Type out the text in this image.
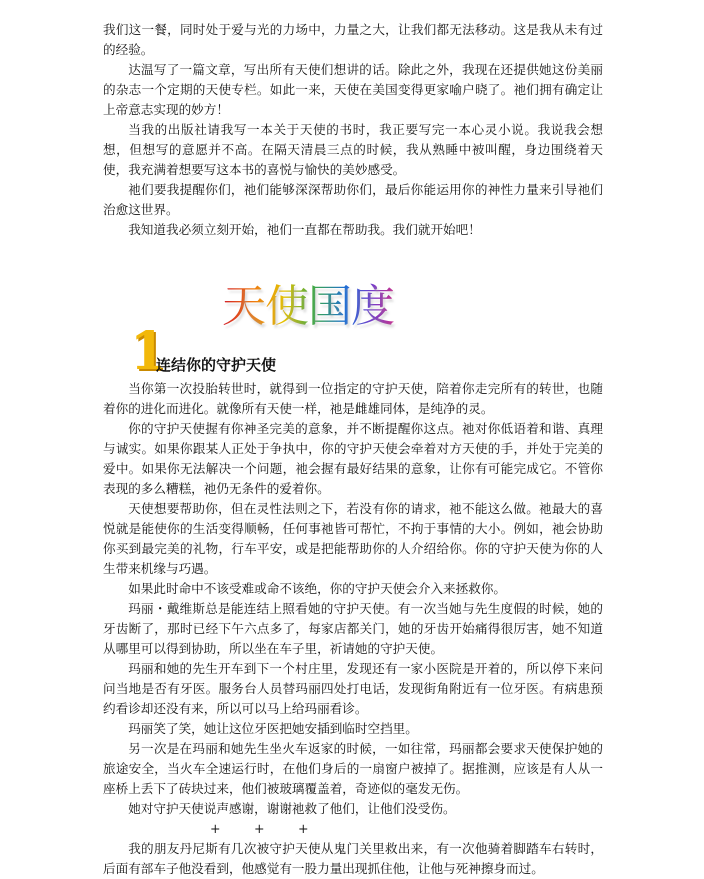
我们这一餐，同时处于爱与光的力场中，力量之大，让我们都无法移动。这是我从未有过的经验。

达温写了一篇文章，写出所有天使们想讲的话。除此之外，我现在还提供她这份美丽的杂志一个定期的天使专栏。如此一来，天使在美国变得更家喻户晓了。祂们拥有确定让上帝意志实现的妙方！

当我的出版社请我写一本关于天使的书时，我正要写完一本心灵小说。我说我会想想，但想写的意愿并不高。在隔天清晨三点的时候，我从熟睡中被叫醒，身边围绕着天使，我充满着想要写这本书的喜悦与愉快的美妙感受。

祂们要我提醒你们，祂们能够深深帮助你们，最后你能运用你的神性力量来引导祂们治愈这世界。

我知道我必须立刻开始，祂们一直都在帮助我。我们就开始吧！

天使国度
1
连结你的守护天使

当你第一次投胎转世时，就得到一位指定的守护天使，陪着你走完所有的转世，也随着你的进化而进化。就像所有天使一样，祂是雌雄同体，是纯净的灵。

你的守护天使握有你神圣完美的意象，并不断提醒你这点。祂对你低语着和谐、真理与诚实。如果你跟某人正处于争执中，你的守护天使会牵着对方天使的手，并处于完美的爱中。如果你无法解决一个问题，祂会握有最好结果的意象，让你有可能完成它。不管你表现的多么糟糕，祂仍无条件的爱着你。

天使想要帮助你，但在灵性法则之下，若没有你的请求，祂不能这么做。祂最大的喜悦就是能使你的生活变得顺畅，任何事祂皆可帮忙，不拘于事情的大小。例如，祂会协助你买到最完美的礼物，行车平安，或是把能帮助你的人介绍给你。你的守护天使为你的人生带来机缘与巧遇。

如果此时命中不该受难或命不该绝，你的守护天使会介入来拯救你。

玛丽・戴维斯总是能连结上照看她的守护天使。有一次当她与先生度假的时候，她的牙齿断了，那时已经下午六点多了，每家店都关门，她的牙齿开始痛得很厉害，她不知道从哪里可以得到协助，所以坐在车子里，祈请她的守护天使。

玛丽和她的先生开车到下一个村庄里，发现还有一家小医院是开着的，所以停下来问问当地是否有牙医。服务台人员替玛丽四处打电话，发现街角附近有一位牙医。有病患预约看诊却还没有来，所以可以马上给玛丽看诊。

玛丽笑了笑，她让这位牙医把她安插到临时空挡里。

另一次是在玛丽和她先生坐火车返家的时候，一如往常，玛丽都会要求天使保护她的旅途安全，当火车全速运行时，在他们身后的一扇窗户被掉了。据推测，应该是有人从一座桥上丢下了砖块过来，他们被玻璃覆盖着，奇迹似的毫发无伤。

她对守护天使说声感谢，谢谢祂救了他们，让他们没受伤。

+	+	+

我的朋友丹尼斯有几次被守护天使从鬼门关里救出来，有一次他骑着脚踏车右转时，后面有部车子他没看到，他感觉有一股力量出现抓住他，让他与死神擦身而过。
